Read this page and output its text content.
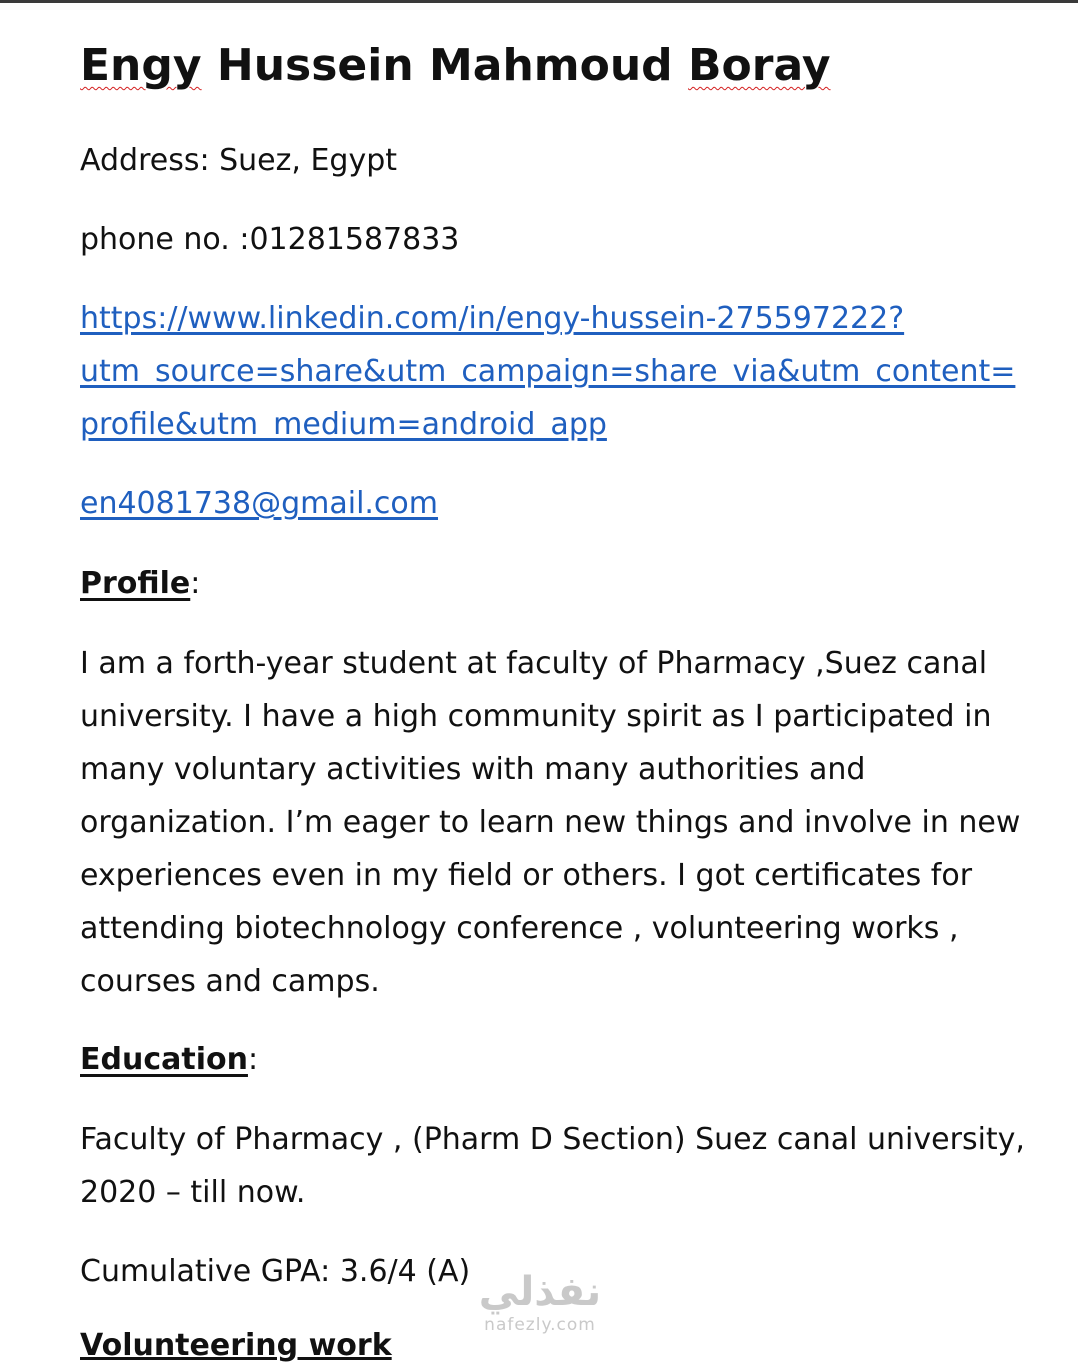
Engy Hussein Mahmoud Boray

Address: Suez, Egypt

phone no. :01281587833

https://www.linkedin.com/in/engy-hussein-275597222?
utm_source=share&utm_campaign=share_via&utm_content=
profile&utm_medium=android_app

en4081738@gmail.com

Profile:

I am a forth-year student at faculty of Pharmacy ,Suez canal
university. I have a high community spirit as I participated in
many voluntary activities with many authorities and
organization. I’m eager to learn new things and involve in new
experiences even in my field or others. I got certificates for
attending biotechnology conference , volunteering works ,
courses and camps.

Education:

Faculty of Pharmacy , (Pharm D Section) Suez canal university,
2020 – till now.

Cumulative GPA: 3.6/4 (A)

Volunteering work
نفذلي
nafezly.com
